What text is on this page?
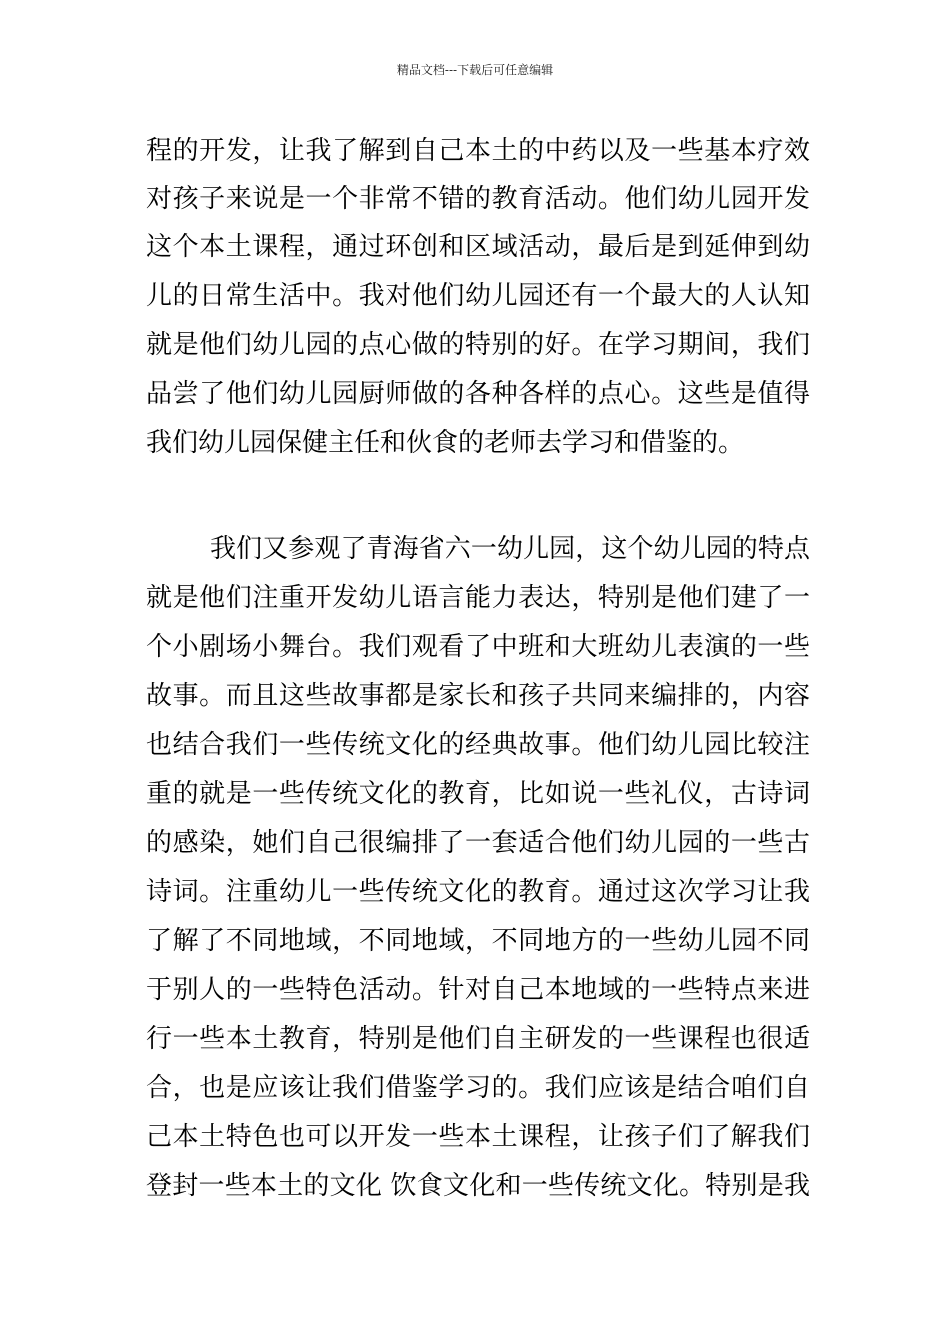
精品文档---下载后可任意编辑
程的开发，让我了解到自己本土的中药以及一些基本疗效
对孩子来说是一个非常不错的教育活动。他们幼儿园开发
这个本土课程，通过环创和区域活动，最后是到延伸到幼
儿的日常生活中。我对他们幼儿园还有一个最大的人认知
就是他们幼儿园的点心做的特别的好。在学习期间，我们
品尝了他们幼儿园厨师做的各种各样的点心。这些是值得
我们幼儿园保健主任和伙食的老师去学习和借鉴的。
我们又参观了青海省六一幼儿园，这个幼儿园的特点
就是他们注重开发幼儿语言能力表达，特别是他们建了一
个小剧场小舞台。我们观看了中班和大班幼儿表演的一些
故事。而且这些故事都是家长和孩子共同来编排的，内容
也结合我们一些传统文化的经典故事。他们幼儿园比较注
重的就是一些传统文化的教育，比如说一些礼仪，古诗词
的感染，她们自己很编排了一套适合他们幼儿园的一些古
诗词。注重幼儿一些传统文化的教育。通过这次学习让我
了解了不同地域，不同地域，不同地方的一些幼儿园不同
于别人的一些特色活动。针对自己本地域的一些特点来进
行一些本土教育，特别是他们自主研发的一些课程也很适
合，也是应该让我们借鉴学习的。我们应该是结合咱们自
己本土特色也可以开发一些本土课程，让孩子们了解我们
登封一些本土的文化 饮食文化和一些传统文化。特别是我
